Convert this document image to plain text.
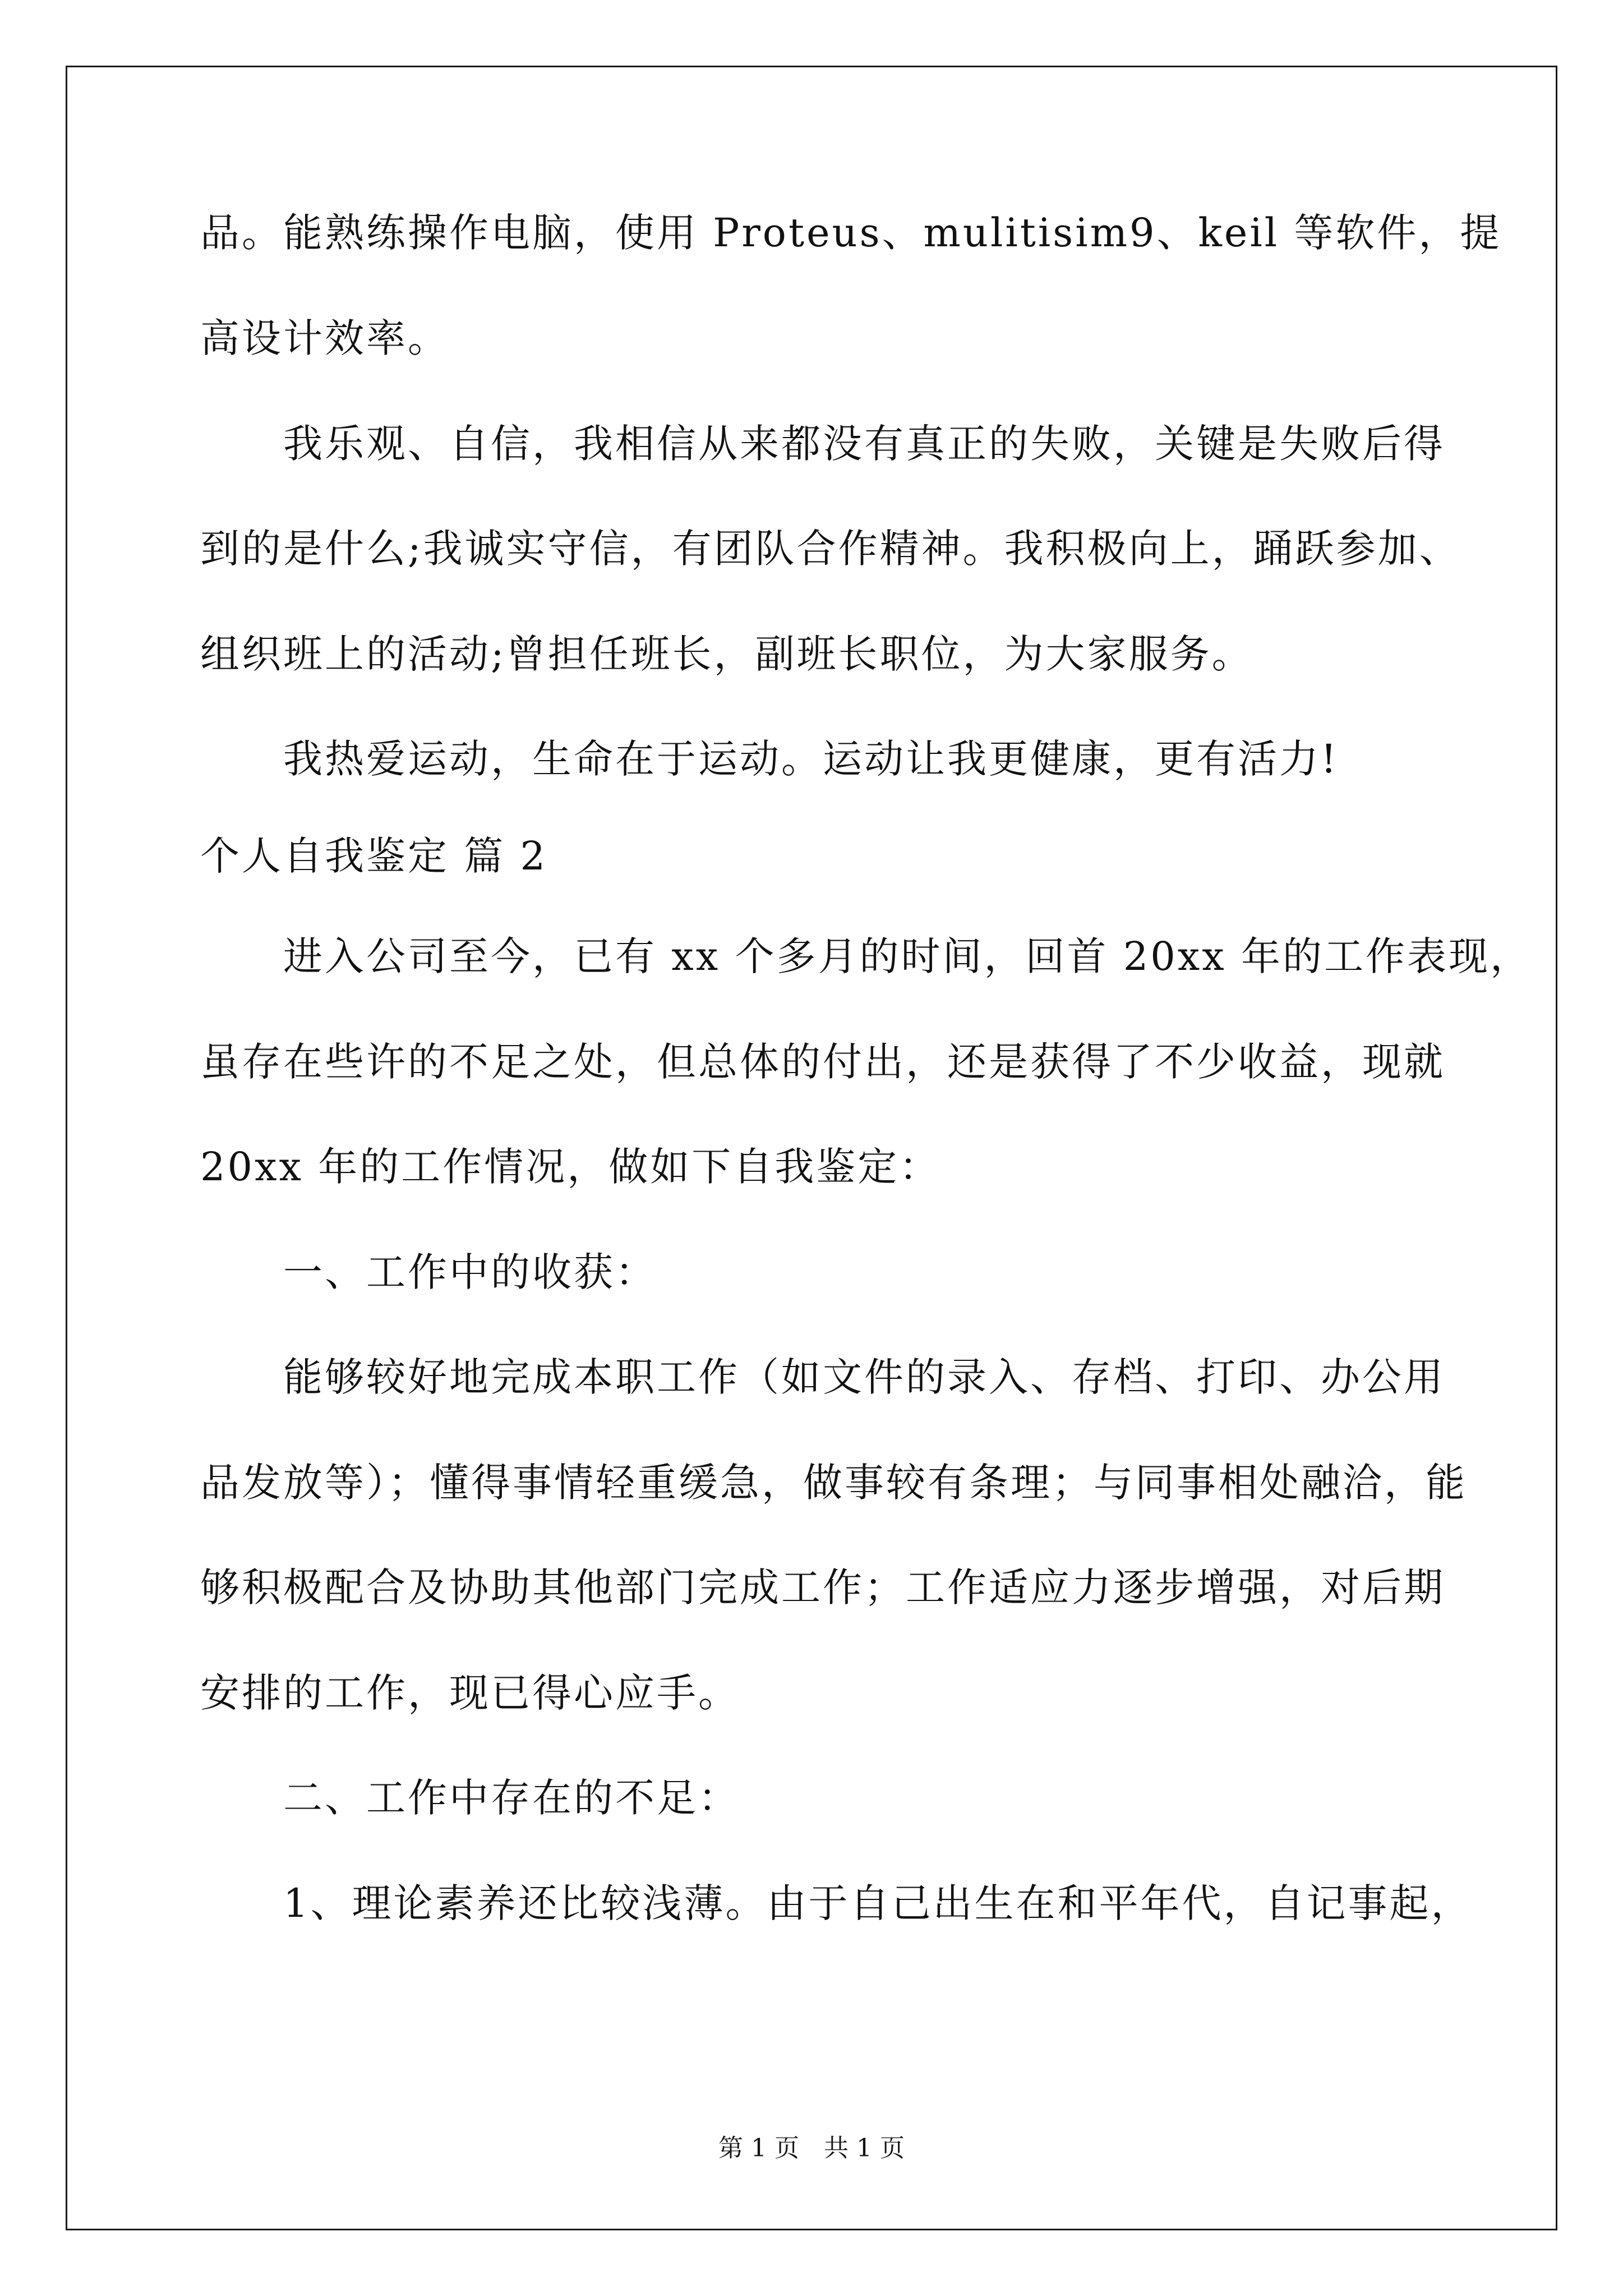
品。能熟练操作电脑，使用 Proteus、mulitisim9、keil 等软件，提
高设计效率。
我乐观、自信，我相信从来都没有真正的失败，关键是失败后得
到的是什么;我诚实守信，有团队合作精神。我积极向上，踊跃参加、
组织班上的活动;曾担任班长，副班长职位，为大家服务。
我热爱运动，生命在于运动。运动让我更健康，更有活力!
个人自我鉴定 篇 2
进入公司至今，已有 xx 个多月的时间，回首 20xx 年的工作表现，
虽存在些许的不足之处，但总体的付出，还是获得了不少收益，现就
20xx 年的工作情况，做如下自我鉴定：
一、工作中的收获：
能够较好地完成本职工作（如文件的录入、存档、打印、办公用
品发放等）；懂得事情轻重缓急，做事较有条理；与同事相处融洽，能
够积极配合及协助其他部门完成工作；工作适应力逐步增强，对后期
安排的工作，现已得心应手。
二、工作中存在的不足：
1、理论素养还比较浅薄。由于自己出生在和平年代，自记事起，
第 1 页　共 1 页
